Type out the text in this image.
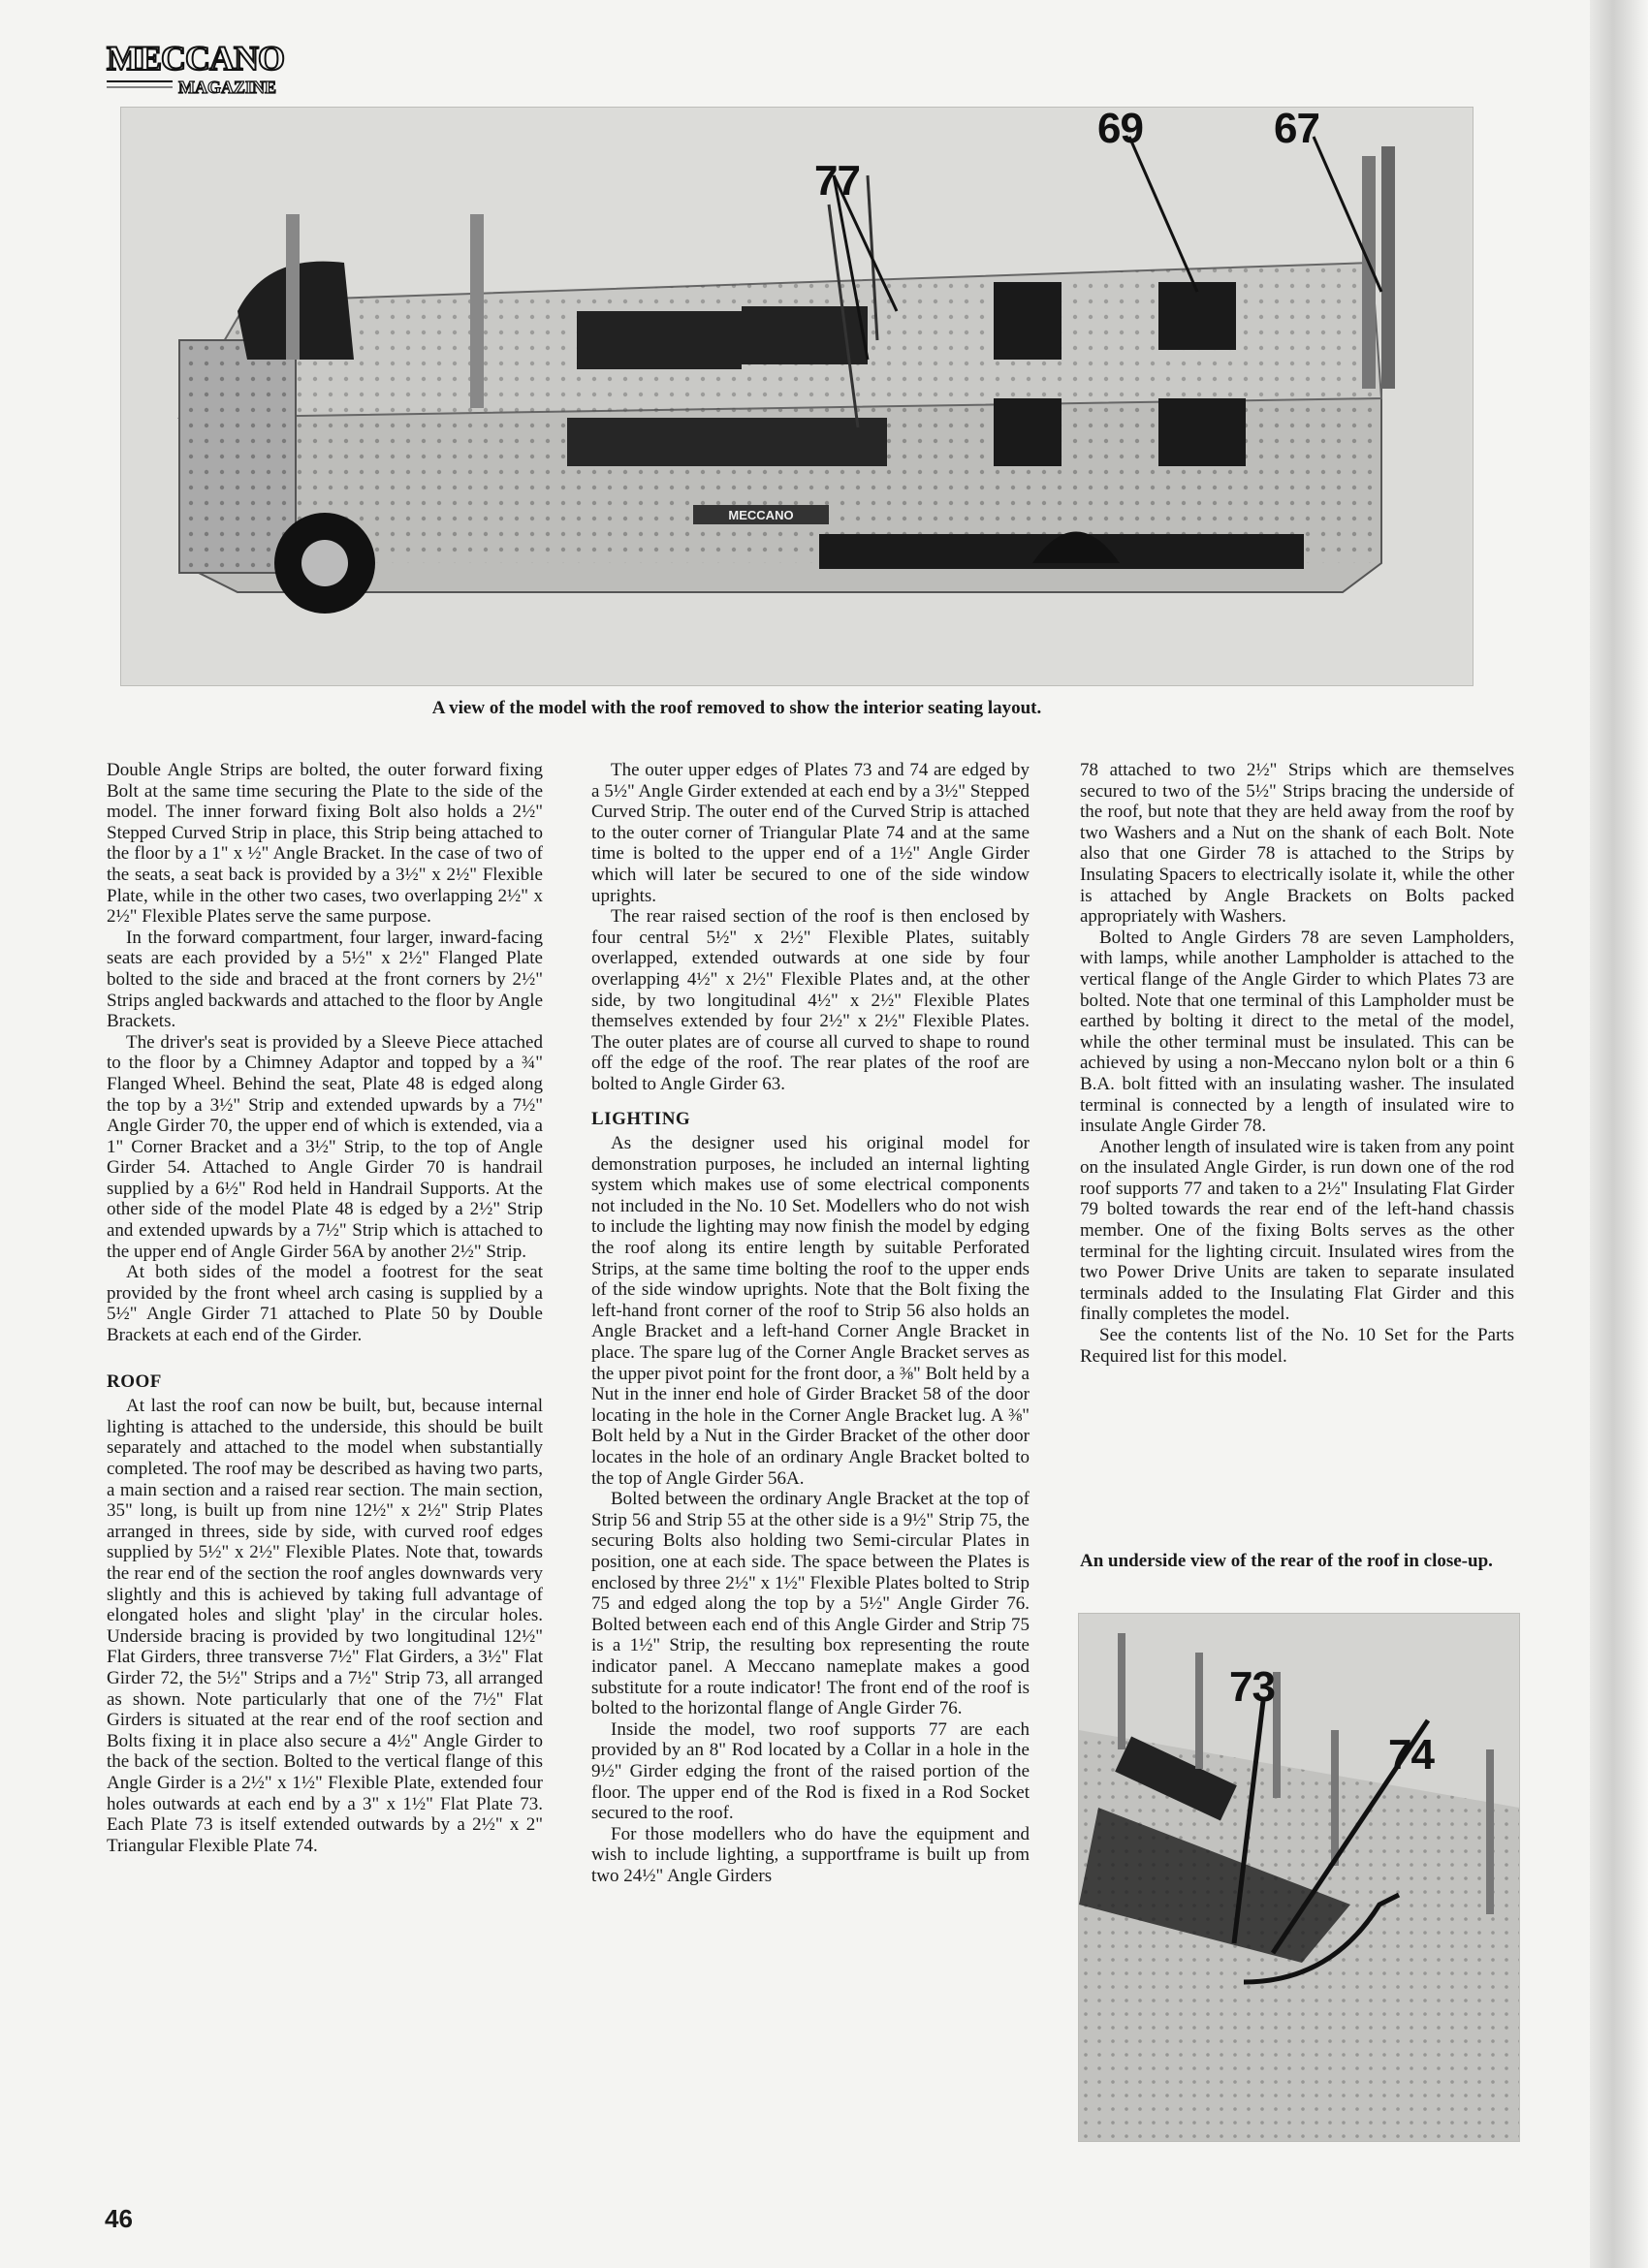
MECCANO
MAGAZINE
MECCANO
77
69	67
A view of the model with the roof removed to show the interior seating layout.

Double Angle Strips are bolted, the outer forward fixing Bolt at the same time securing the Plate to the side of the model. The inner forward fixing Bolt also holds a 2½" Stepped Curved Strip in place, this Strip being attached to the floor by a 1" x ½" Angle Bracket. In the case of two of the seats, a seat back is provided by a 3½" x 2½" Flexible Plate, while in the other two cases, two overlapping 2½" x 2½" Flexible Plates serve the same purpose.

In the forward compartment, four larger, inward-facing seats are each provided by a 5½" x 2½" Flanged Plate bolted to the side and braced at the front corners by 2½" Strips angled backwards and attached to the floor by Angle Brackets.

The driver's seat is provided by a Sleeve Piece attached to the floor by a Chimney Adaptor and topped by a ¾" Flanged Wheel. Behind the seat, Plate 48 is edged along the top by a 3½" Strip and extended upwards by a 7½" Angle Girder 70, the upper end of which is extended, via a 1" Corner Bracket and a 3½" Strip, to the top of Angle Girder 54. Attached to Angle Girder 70 is handrail supplied by a 6½" Rod held in Handrail Supports. At the other side of the model Plate 48 is edged by a 2½" Strip and extended upwards by a 7½" Strip which is attached to the upper end of Angle Girder 56A by another 2½" Strip.

At both sides of the model a footrest for the seat provided by the front wheel arch casing is supplied by a 5½" Angle Girder 71 attached to Plate 50 by Double Brackets at each end of the Girder.

ROOF

At last the roof can now be built, but, because internal lighting is attached to the underside, this should be built separately and attached to the model when substantially completed. The roof may be described as having two parts, a main section and a raised rear section. The main section, 35" long, is built up from nine 12½" x 2½" Strip Plates arranged in threes, side by side, with curved roof edges supplied by 5½" x 2½" Flexible Plates. Note that, towards the rear end of the section the roof angles downwards very slightly and this is achieved by taking full advantage of elongated holes and slight 'play' in the circular holes. Underside bracing is provided by two longitudinal 12½" Flat Girders, three transverse 7½" Flat Girders, a 3½" Flat Girder 72, the 5½" Strips and a 7½" Strip 73, all arranged as shown. Note particularly that one of the 7½" Flat Girders is situated at the rear end of the roof section and Bolts fixing it in place also secure a 4½" Angle Girder to the back of the section. Bolted to the vertical flange of this Angle Girder is a 2½" x 1½" Flexible Plate, extended four holes outwards at each end by a 3" x 1½" Flat Plate 73. Each Plate 73 is itself extended outwards by a 2½" x 2" Triangular Flexible Plate 74.

The outer upper edges of Plates 73 and 74 are edged by a 5½" Angle Girder extended at each end by a 3½" Stepped Curved Strip. The outer end of the Curved Strip is attached to the outer corner of Triangular Plate 74 and at the same time is bolted to the upper end of a 1½" Angle Girder which will later be secured to one of the side window uprights.

The rear raised section of the roof is then enclosed by four central 5½" x 2½" Flexible Plates, suitably overlapped, extended outwards at one side by four overlapping 4½" x 2½" Flexible Plates and, at the other side, by two longitudinal 4½" x 2½" Flexible Plates themselves extended by four 2½" x 2½" Flexible Plates. The outer plates are of course all curved to shape to round off the edge of the roof. The rear plates of the roof are bolted to Angle Girder 63.

LIGHTING

As the designer used his original model for demonstration purposes, he included an internal lighting system which makes use of some electrical components not included in the No. 10 Set. Modellers who do not wish to include the lighting may now finish the model by edging the roof along its entire length by suitable Perforated Strips, at the same time bolting the roof to the upper ends of the side window uprights. Note that the Bolt fixing the left-hand front corner of the roof to Strip 56 also holds an Angle Bracket and a left-hand Corner Angle Bracket in place. The spare lug of the Corner Angle Bracket serves as the upper pivot point for the front door, a ⅜" Bolt held by a Nut in the inner end hole of Girder Bracket 58 of the door locating in the hole in the Corner Angle Bracket lug. A ⅜" Bolt held by a Nut in the Girder Bracket of the other door locates in the hole of an ordinary Angle Bracket bolted to the top of Angle Girder 56A.

Bolted between the ordinary Angle Bracket at the top of Strip 56 and Strip 55 at the other side is a 9½" Strip 75, the securing Bolts also holding two Semi-circular Plates in position, one at each side. The space between the Plates is enclosed by three 2½" x 1½" Flexible Plates bolted to Strip 75 and edged along the top by a 5½" Angle Girder 76. Bolted between each end of this Angle Girder and Strip 75 is a 1½" Strip, the resulting box representing the route indicator panel. A Meccano nameplate makes a good substitute for a route indicator! The front end of the roof is bolted to the horizontal flange of Angle Girder 76.

Inside the model, two roof supports 77 are each provided by an 8" Rod located by a Collar in a hole in the 9½" Girder edging the front of the raised portion of the floor. The upper end of the Rod is fixed in a Rod Socket secured to the roof.

For those modellers who do have the equipment and wish to include lighting, a supportframe is built up from two 24½" Angle Girders

78 attached to two 2½" Strips which are themselves secured to two of the 5½" Strips bracing the underside of the roof, but note that they are held away from the roof by two Washers and a Nut on the shank of each Bolt. Note also that one Girder 78 is attached to the Strips by Insulating Spacers to electrically isolate it, while the other is attached by Angle Brackets on Bolts packed appropriately with Washers.

Bolted to Angle Girders 78 are seven Lampholders, with lamps, while another Lampholder is attached to the vertical flange of the Angle Girder to which Plates 73 are bolted. Note that one terminal of this Lampholder must be earthed by bolting it direct to the metal of the model, while the other terminal must be insulated. This can be achieved by using a non-Meccano nylon bolt or a thin 6 B.A. bolt fitted with an insulating washer. The insulated terminal is connected by a length of insulated wire to insulate Angle Girder 78.

Another length of insulated wire is taken from any point on the insulated Angle Girder, is run down one of the rod roof supports 77 and taken to a 2½" Insulating Flat Girder 79 bolted towards the rear end of the left-hand chassis member. One of the fixing Bolts serves as the other terminal for the lighting circuit. Insulated wires from the two Power Drive Units are taken to separate insulated terminals added to the Insulating Flat Girder and this finally completes the model.

See the contents list of the No. 10 Set for the Parts Required list for this model.

An underside view of the rear of the roof in close-up.
73
74
46
